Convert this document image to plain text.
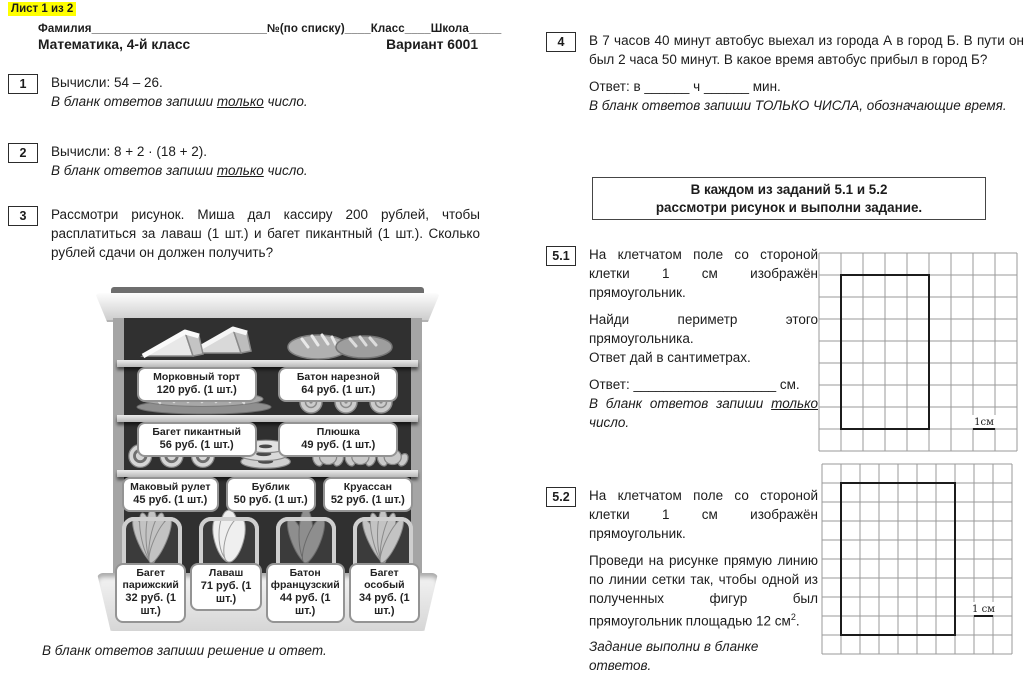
Лист 1 из 2
Фамилия___________________________№(по списку)____Класс____Школа_____
Математика, 4-й класс	Вариант 6001
1	Вычисли: 54 – 26.
В бланк ответов запиши только число.
2	Вычисли: 8 + 2 · (18 + 2).
В бланк ответов запиши только число.
3	Рассмотри рисунок. Миша дал кассиру 200 рублей, чтобы расплатиться за лаваш (1 шт.) и багет пикантный (1 шт.). Сколько рублей сдачи он должен получить?
Морковный торт
120 руб. (1 шт.)
Батон нарезной
64 руб. (1 шт.)
Багет пикантный
56 руб. (1 шт.)
Плюшка
49 руб. (1 шт.)
Маковый рулет
45 руб. (1 шт.)
Бублик
50 руб. (1 шт.)
Круассан
52 руб. (1 шт.)
Багет парижский
32 руб. (1 шт.)
Лаваш
71 руб. (1 шт.)
Батон французский
44 руб. (1 шт.)
Багет особый
34 руб. (1 шт.)
В бланк ответов запиши решение и ответ.
4	В 7 часов 40 минут автобус выехал из города А в город Б. В пути он был 2 часа 50 минут. В какое время автобус прибыл в город Б?
Ответ: в ______ ч ______ мин.
В бланк ответов запиши ТОЛЬКО ЧИСЛА, обозначающие время.
В каждом из заданий 5.1 и 5.2
рассмотри рисунок и выполни задание.
5.1	На клетчатом поле со стороной клетки 1 см изображён прямоугольник.
Найди периметр этого прямоугольника.
Ответ дай в сантиметрах.
Ответ: ___________________ см.
В бланк ответов запиши только число.	1см
5.2	На клетчатом поле со стороной клетки 1 см изображён прямоугольник.
Проведи на рисунке прямую линию по линии сетки так, чтобы одной из полученных фигур был прямоугольник площадью 12 $см^2$.
Задание выполни в бланке ответов.
1 см
